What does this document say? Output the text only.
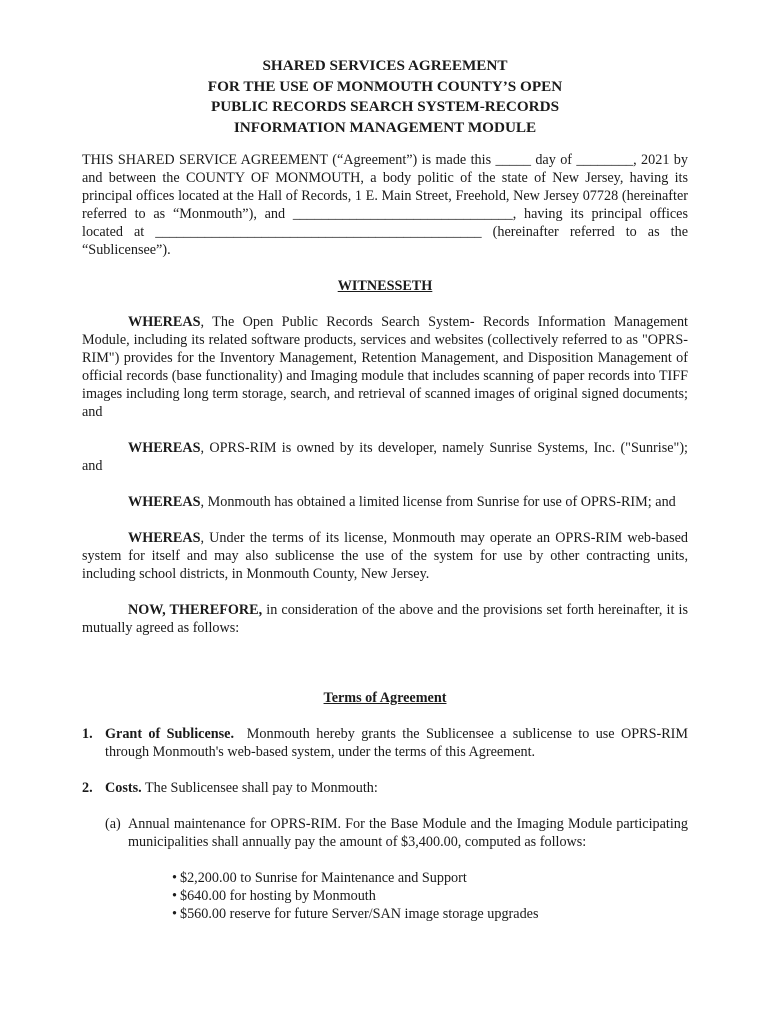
SHARED SERVICES AGREEMENT
FOR THE USE OF MONMOUTH COUNTY’S OPEN
PUBLIC RECORDS SEARCH SYSTEM-RECORDS
INFORMATION MANAGEMENT MODULE

THIS SHARED SERVICE AGREEMENT (“Agreement”) is made this _____ day of ________, 2021 by and between the COUNTY OF MONMOUTH, a body politic of the state of New Jersey, having its principal offices located at the Hall of Records, 1 E. Main Street, Freehold, New Jersey 07728 (hereinafter referred to as “Monmouth”), and _______________________________, having its principal offices located at ______________________________________________ (hereinafter referred to as the “Sublicensee”).

WITNESSETH

WHEREAS, The Open Public Records Search System- Records Information Management Module, including its related software products, services and websites (collectively referred to as "OPRS-RIM") provides for the Inventory Management, Retention Management, and Disposition Management of official records (base functionality) and Imaging module that includes scanning of paper records into TIFF images including long term storage, search, and retrieval of scanned images of original signed documents; and

WHEREAS, OPRS-RIM is owned by its developer, namely Sunrise Systems, Inc. ("Sunrise"); and

WHEREAS, Monmouth has obtained a limited license from Sunrise for use of OPRS-RIM; and

WHEREAS, Under the terms of its license, Monmouth may operate an OPRS-RIM web-based system for itself and may also sublicense the use of the system for use by other contracting units, including school districts, in Monmouth County, New Jersey.

NOW, THEREFORE, in consideration of the above and the provisions set forth hereinafter, it is mutually agreed as follows:

Terms of Agreement
1. Grant of Sublicense.  Monmouth hereby grants the Sublicensee a sublicense to use OPRS-RIM through Monmouth's web-based system, under the terms of this Agreement.
2. Costs. The Sublicensee shall pay to Monmouth:
(a) Annual maintenance for OPRS-RIM. For the Base Module and the Imaging Module participating municipalities shall annually pay the amount of $3,400.00, computed as follows:
• $2,200.00 to Sunrise for Maintenance and Support
• $640.00 for hosting by Monmouth
• $560.00 reserve for future Server/SAN image storage upgrades
